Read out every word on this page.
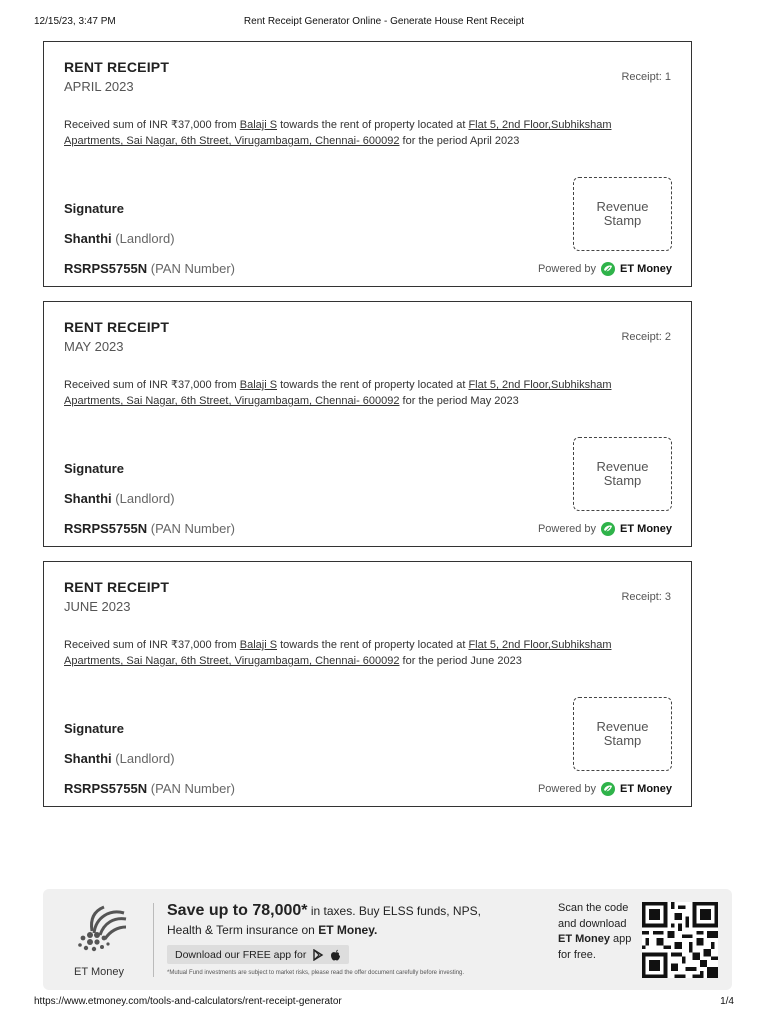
12/15/23, 3:47 PM	Rent Receipt Generator Online - Generate House Rent Receipt
RENT RECEIPT
APRIL 2023
Receipt: 1
Received sum of INR ₹37,000 from Balaji S towards the rent of property located at Flat 5, 2nd Floor,Subhiksham Apartments, Sai Nagar, 6th Street, Virugambagam, Chennai- 600092 for the period April 2023
Signature
Shanthi (Landlord)
RSRPS5755N (PAN Number)
Revenue Stamp
Powered by ET Money
RENT RECEIPT
MAY 2023
Receipt: 2
Received sum of INR ₹37,000 from Balaji S towards the rent of property located at Flat 5, 2nd Floor,Subhiksham Apartments, Sai Nagar, 6th Street, Virugambagam, Chennai- 600092 for the period May 2023
Signature
Shanthi (Landlord)
RSRPS5755N (PAN Number)
Revenue Stamp
Powered by ET Money
RENT RECEIPT
JUNE 2023
Receipt: 3
Received sum of INR ₹37,000 from Balaji S towards the rent of property located at Flat 5, 2nd Floor,Subhiksham Apartments, Sai Nagar, 6th Street, Virugambagam, Chennai- 600092 for the period June 2023
Signature
Shanthi (Landlord)
RSRPS5755N (PAN Number)
Revenue Stamp
Powered by ET Money
ET Money
Save up to 78,000* in taxes. Buy ELSS funds, NPS,
Health & Term insurance on ET Money.
Download our FREE app for
*Mutual Fund investments are subject to market risks, please read the offer document carefully before investing.
Scan the code and download ET Money app for free.
https://www.etmoney.com/tools-and-calculators/rent-receipt-generator	1/4
